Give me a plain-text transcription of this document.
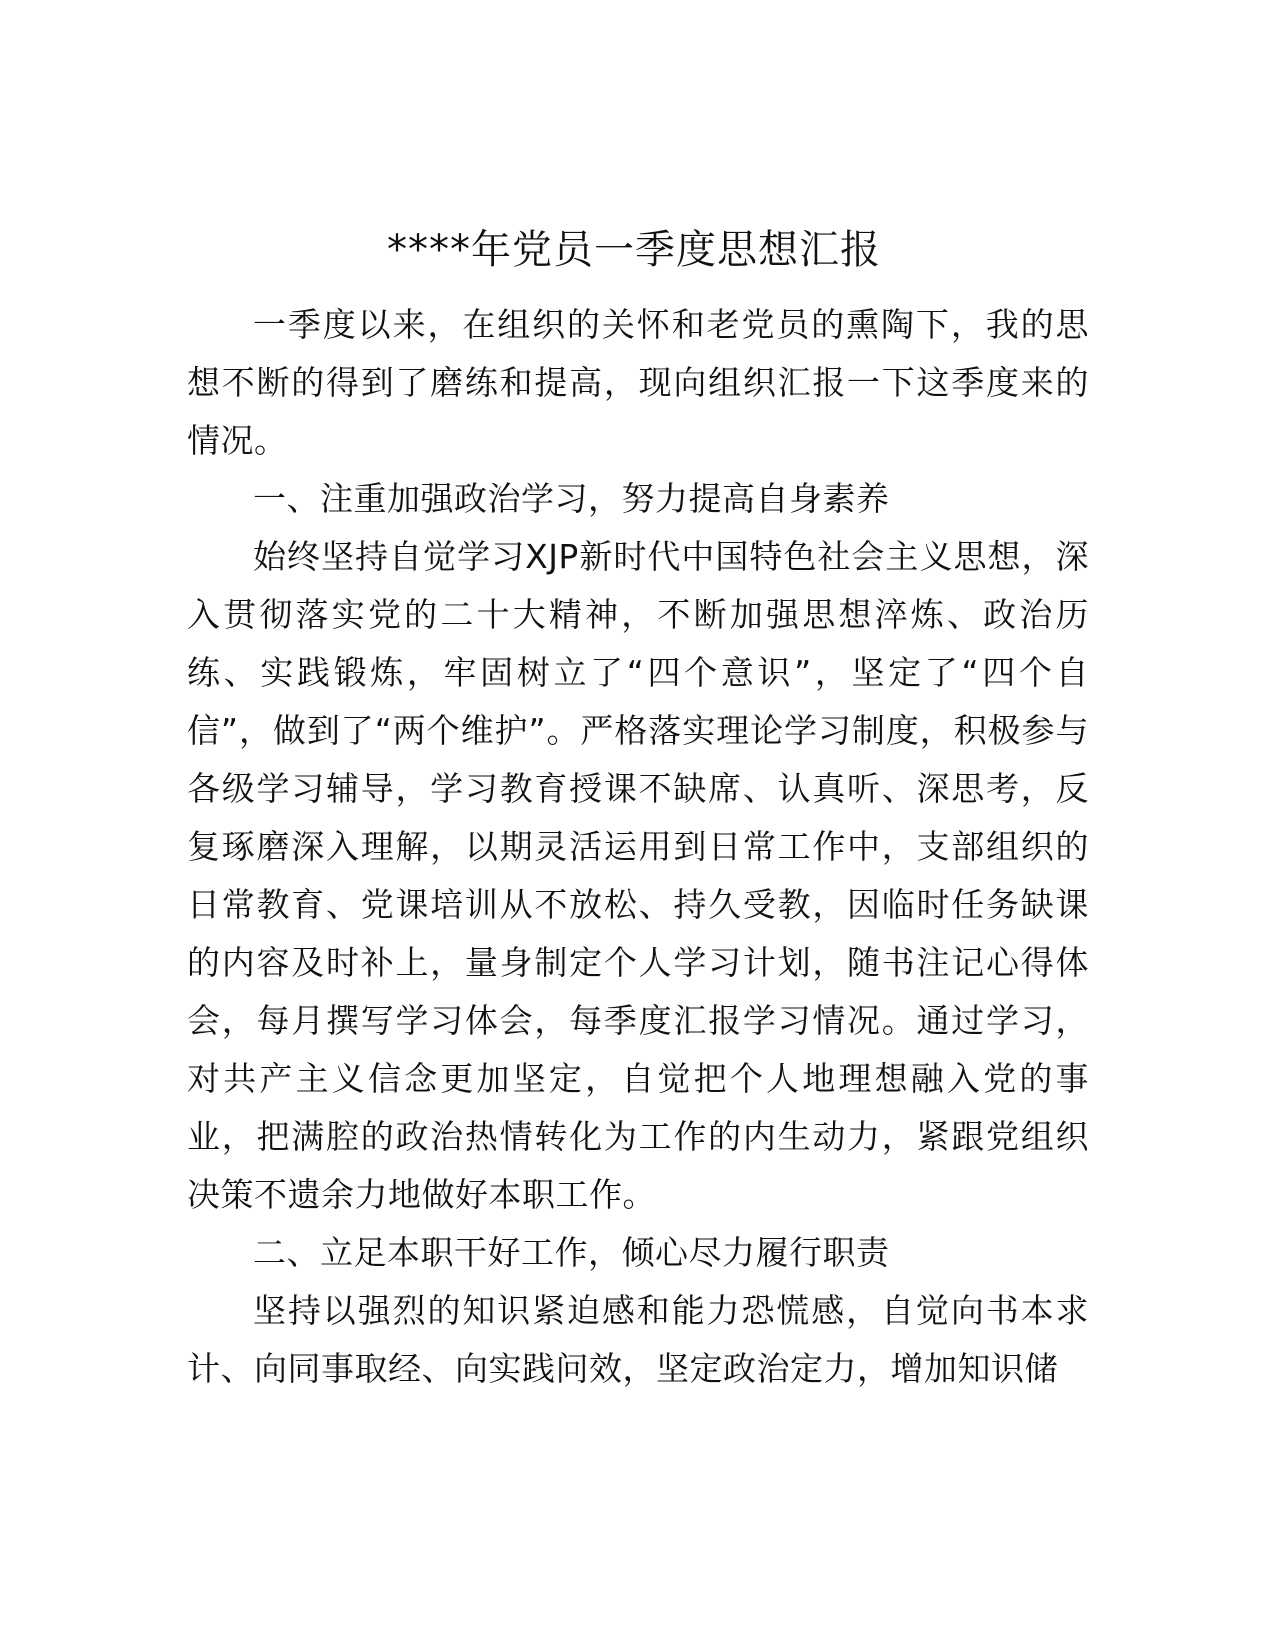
****年党员一季度思想汇报

一季度以来，在组织的关怀和老党员的熏陶下，我的思想不断的得到了磨练和提高，现向组织汇报一下这季度来的情况。

一、注重加强政治学习，努力提高自身素养

始终坚持自觉学习XJP新时代中国特色社会主义思想，深入贯彻落实党的二十大精神，不断加强思想淬炼、政治历练、实践锻炼，牢固树立了“四个意识”，坚定了“四个自信”，做到了“两个维护”。严格落实理论学习制度，积极参与各级学习辅导，学习教育授课不缺席、认真听、深思考，反复琢磨深入理解，以期灵活运用到日常工作中，支部组织的日常教育、党课培训从不放松、持久受教，因临时任务缺课的内容及时补上，量身制定个人学习计划，随书注记心得体会，每月撰写学习体会，每季度汇报学习情况。通过学习，对共产主义信念更加坚定，自觉把个人地理想融入党的事业，把满腔的政治热情转化为工作的内生动力，紧跟党组织决策不遗余力地做好本职工作。

二、立足本职干好工作，倾心尽力履行职责

坚持以强烈的知识紧迫感和能力恐慌感，自觉向书本求计、向同事取经、向实践问效，坚定政治定力，增加知识储
